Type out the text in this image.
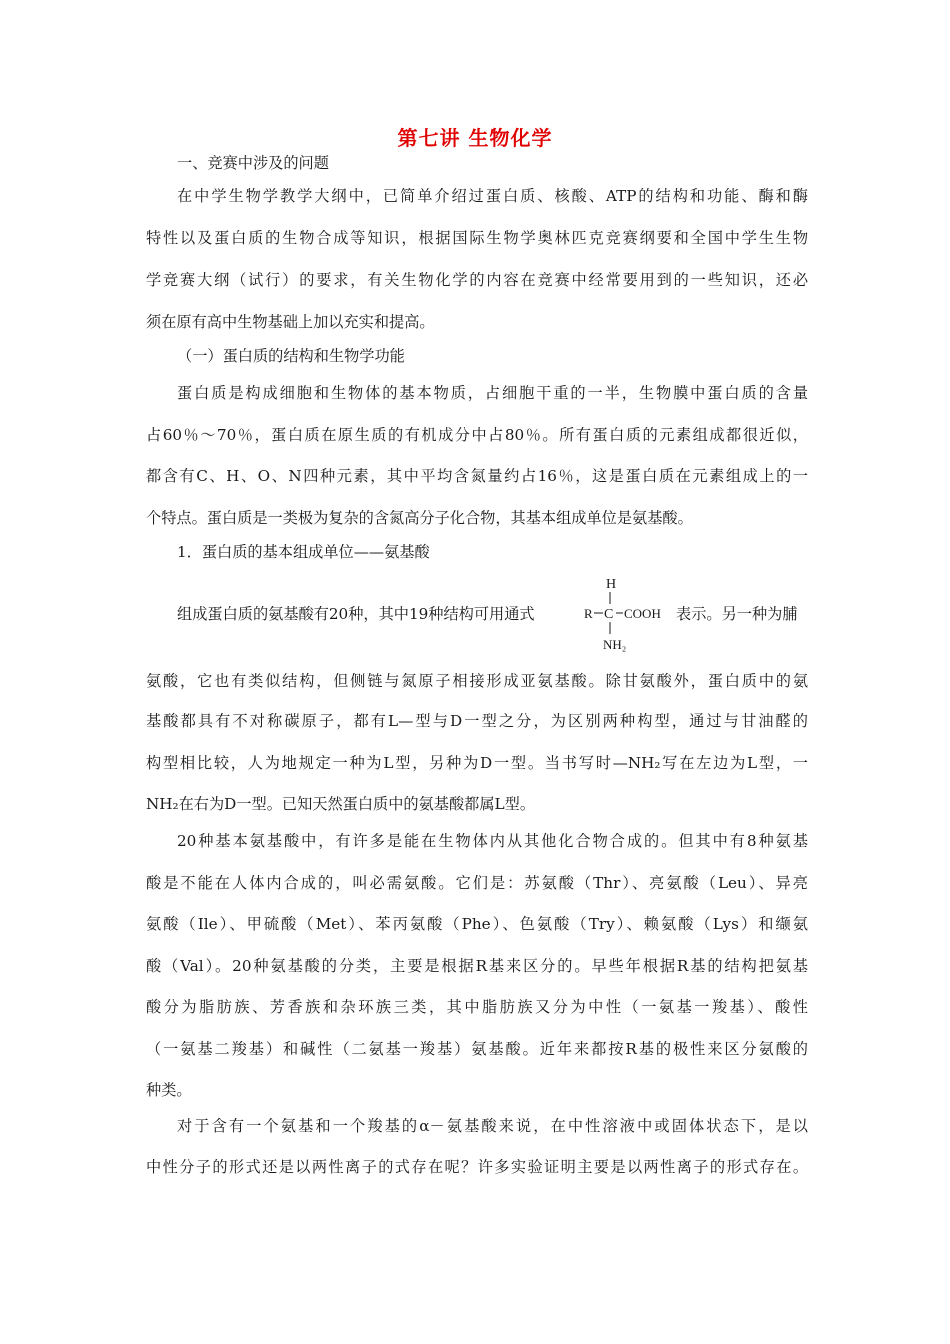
第七讲 生物化学
一、竞赛中涉及的问题
在中学生物学教学大纲中，已简单介绍过蛋白质、核酸、ATP的结构和功能、酶和酶
特性以及蛋白质的生物合成等知识，根据国际生物学奥林匹克竞赛纲要和全国中学生生物
学竞赛大纲（试行）的要求，有关生物化学的内容在竞赛中经常要用到的一些知识，还必
须在原有高中生物基础上加以充实和提高。
（一）蛋白质的结构和生物学功能
蛋白质是构成细胞和生物体的基本物质，占细胞干重的一半，生物膜中蛋白质的含量
占60％～70％，蛋白质在原生质的有机成分中占80％。所有蛋白质的元素组成都很近似，
都含有C、H、O、N四种元素，其中平均含氮量约占16％，这是蛋白质在元素组成上的一
个特点。蛋白质是一类极为复杂的含氮高分子化合物，其基本组成单位是氨基酸。
1．蛋白质的基本组成单位——氨基酸
组成蛋白质的氨基酸有20种，其中19种结构可用通式
H
R C COOH
NH₂
表示。另一种为脯
氨酸，它也有类似结构，但侧链与氮原子相接形成亚氨基酸。除甘氨酸外，蛋白质中的氨
基酸都具有不对称碳原子，都有L—型与D一型之分，为区别两种构型，通过与甘油醛的
构型相比较，人为地规定一种为L型，另种为D一型。当书写时—NH₂写在左边为L型，一
NH₂在右为D一型。已知天然蛋白质中的氨基酸都属L型。
20种基本氨基酸中，有许多是能在生物体内从其他化合物合成的。但其中有8种氨基
酸是不能在人体内合成的，叫必需氨酸。它们是：苏氨酸（Thr）、亮氨酸（Leu）、异亮
氨酸（Ile）、甲硫酸（Met）、苯丙氨酸（Phe）、色氨酸（Try）、赖氨酸（Lys）和缬氨
酸（Val）。20种氨基酸的分类，主要是根据R基来区分的。早些年根据R基的结构把氨基
酸分为脂肪族、芳香族和杂环族三类，其中脂肪族又分为中性（一氨基一羧基）、酸性
（一氨基二羧基）和碱性（二氨基一羧基）氨基酸。近年来都按R基的极性来区分氨酸的
种类。
对于含有一个氨基和一个羧基的α－氨基酸来说，在中性溶液中或固体状态下，是以
中性分子的形式还是以两性离子的式存在呢？许多实验证明主要是以两性离子的形式存在。
